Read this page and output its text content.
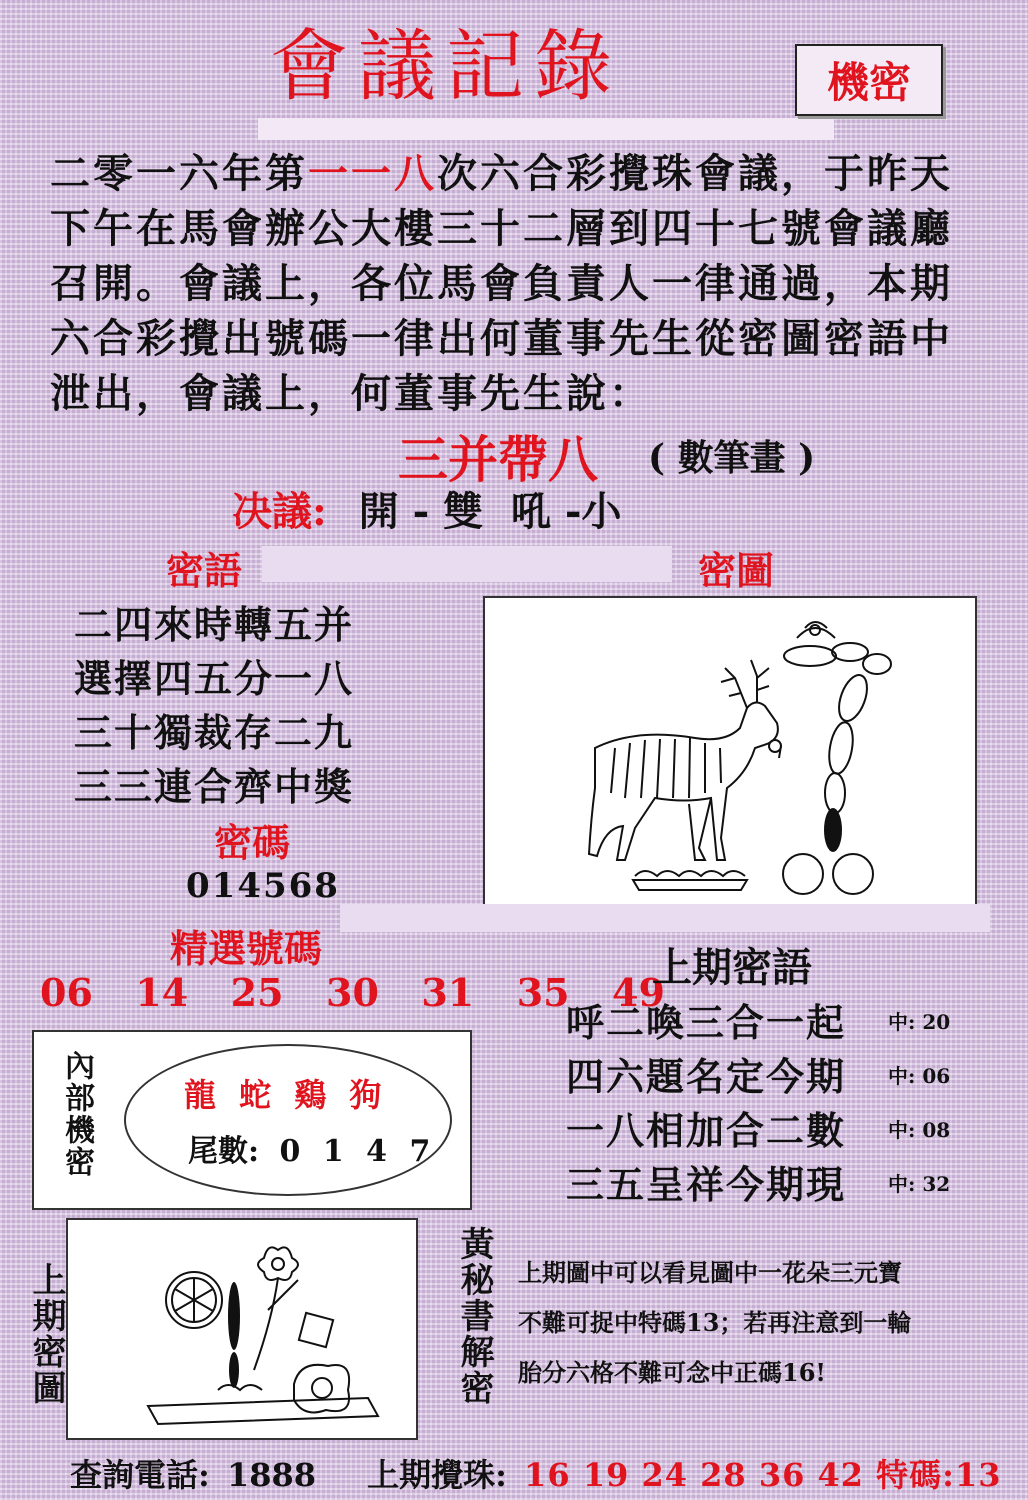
會議記錄	機密
二零一六年第一一八次六合彩攪珠會議，于昨天
下午在馬會辦公大樓三十二層到四十七號會議廳
召開。會議上，各位馬會負責人一律通過，本期
六合彩攪出號碼一律出何董事先生從密圖密語中
泄出，會議上，何董事先生說：
三并帶八 ( 數筆畫 )
决議: 開 - 雙  吼 -小
密語	密圖
二四來時轉五并
選擇四五分一八
三十獨裁存二九
三三連合齊中獎
密碼
014568
精選號碼
06  14  25  30  31  35  49
上期密語
呼二喚三合一起 中: 20
四六題名定今期 中: 06
一八相加合二數 中: 08
三五呈祥今期現 中: 32
內部機密	龍 蛇 鷄 狗
尾數: 0 1 4 7
上期密圖	黃秘書解密 上期圖中可以看見圖中一花朵三元寶
不難可捉中特碼13；若再注意到一輪
胎分六格不難可念中正碼16!
查詢電話: 1888 上期攪珠: 16 19 24 28 36 42 特碼:13
